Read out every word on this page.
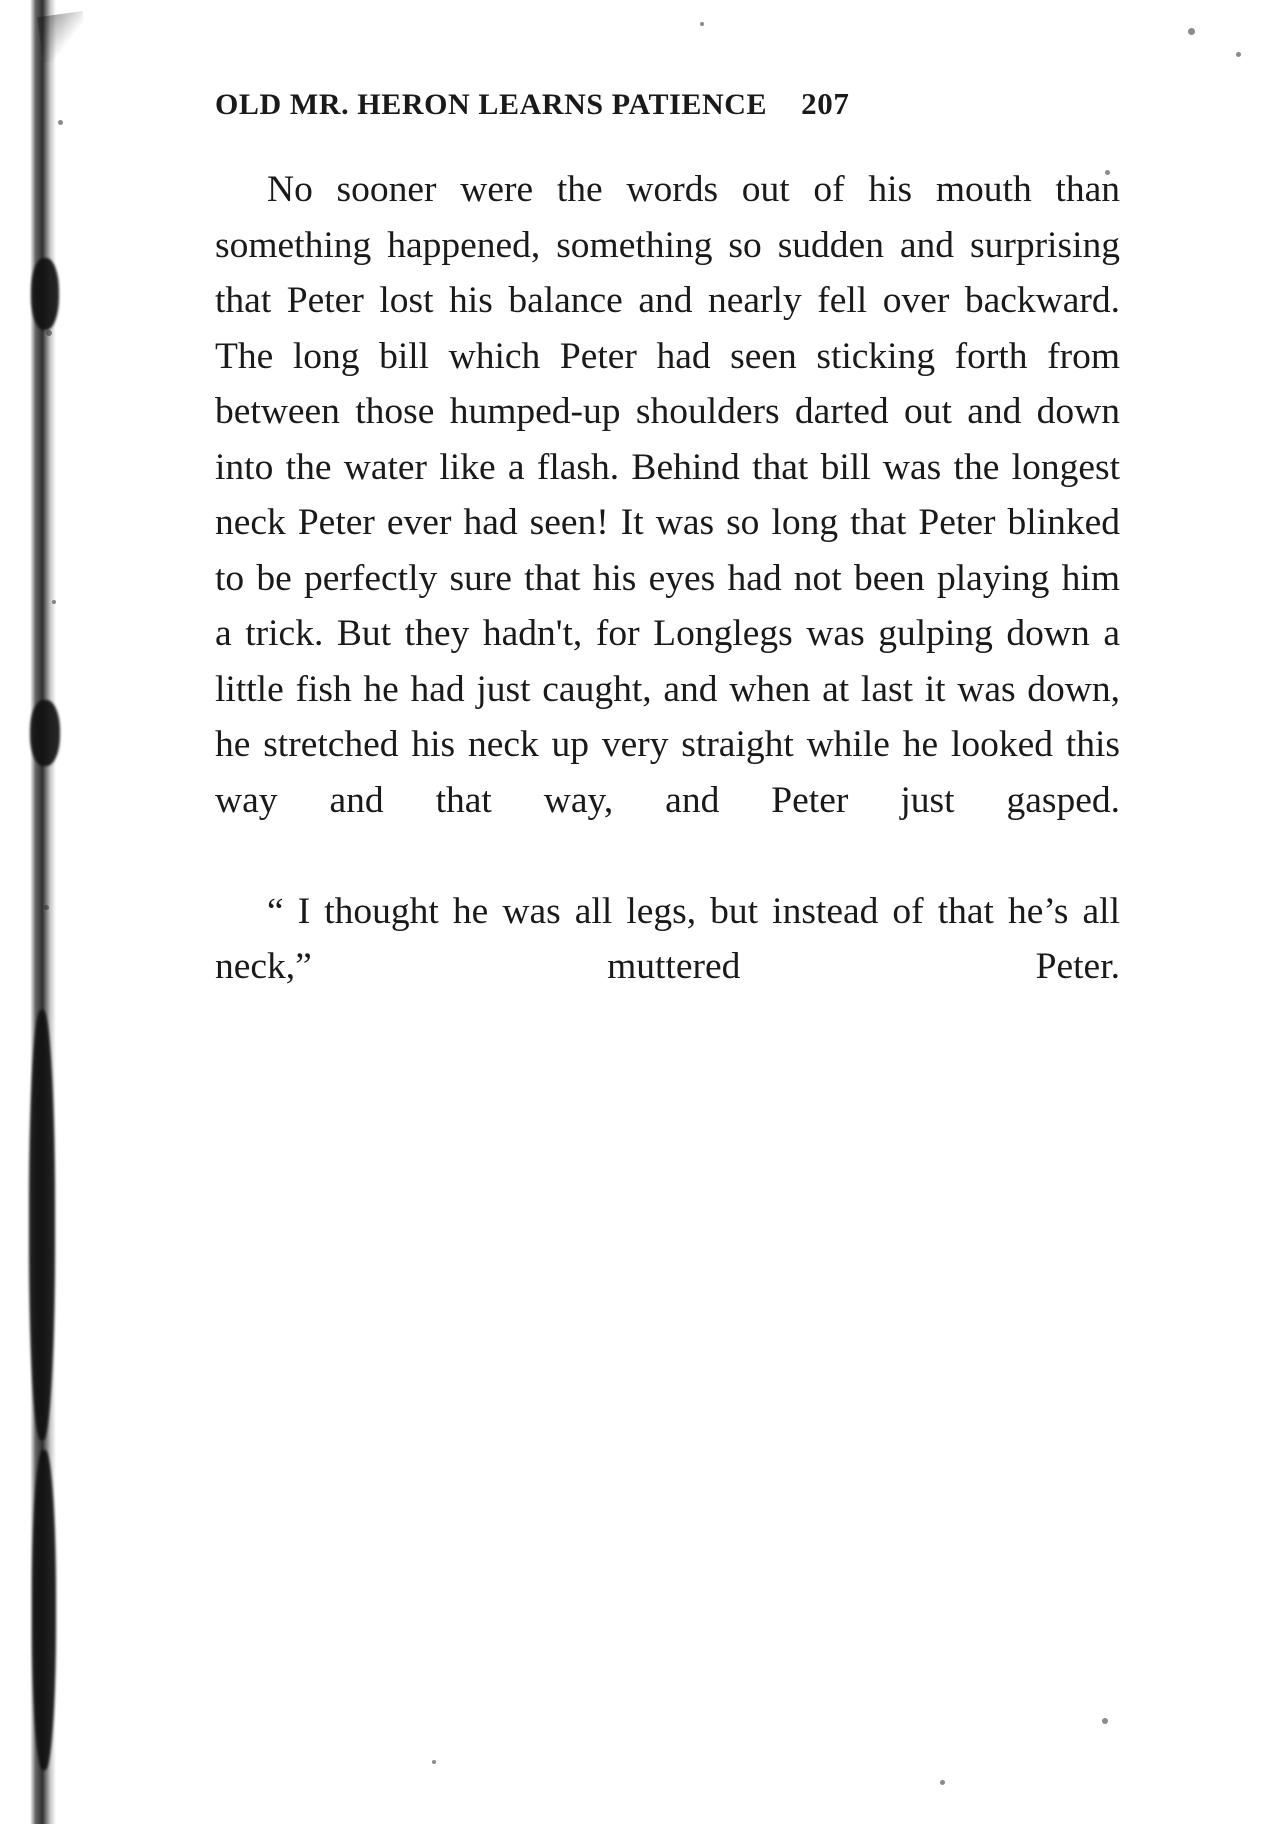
OLD MR. HERON LEARNS PATIENCE 207

No sooner were the words out of his mouth than something happened, something so sudden and surprising that Peter lost his balance and nearly fell over backward. The long bill which Peter had seen sticking forth from between those humped-up shoulders darted out and down into the water like a flash. Behind that bill was the longest neck Peter ever had seen! It was so long that Peter blinked to be perfectly sure that his eyes had not been playing him a trick. But they hadn't, for Longlegs was gulping down a little fish he had just caught, and when at last it was down, he stretched his neck up very straight while he looked this way and that way, and Peter just gasped.

“ I thought he was all legs, but instead of that he’s all neck,” muttered Peter.
